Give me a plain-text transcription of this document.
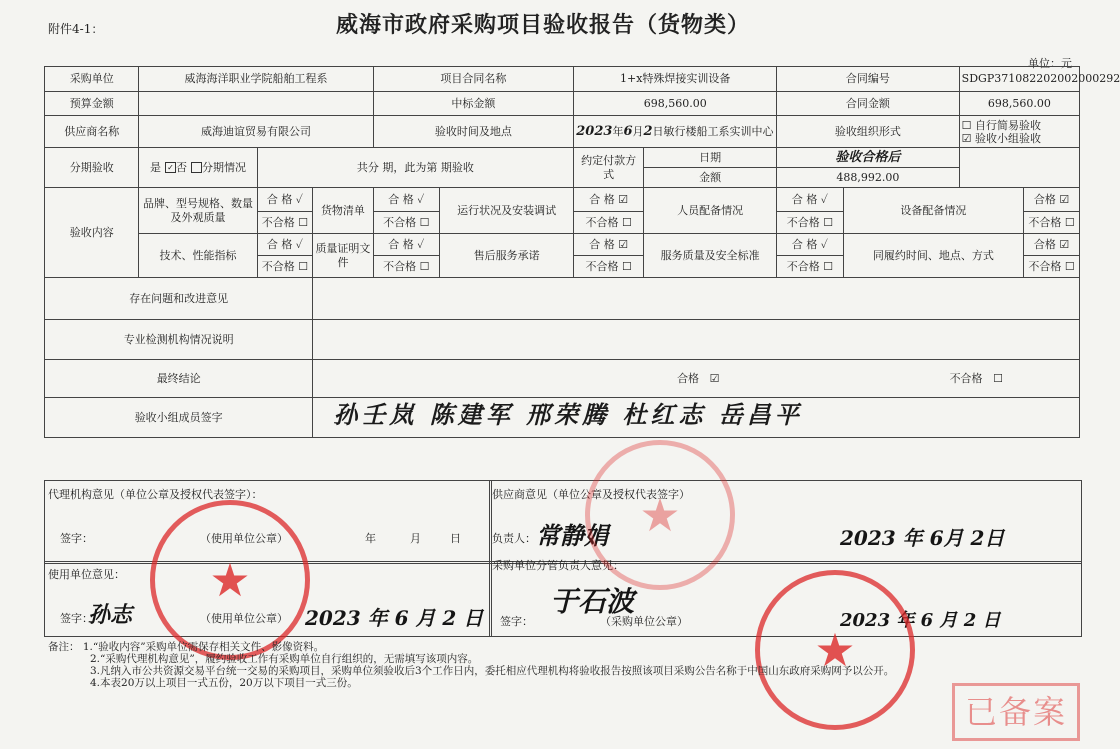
附件4-1：	威海市政府采购项目验收报告（货物类）
单位：元
采购单位	威海海洋职业学院船舶工程系			项目合同名称		1+x特殊焊接实训设备		合同编号		SDGP371082202002000292	
预算金额				中标金额		698,560.00		合同金额		698,560.00	
供应商名称	威海迪谊贸易有限公司			验收时间及地点		2023年6月2日敏行楼船工系实训中心		验收组织形式		☐ 自行简易验收
☑ 验收小组验收	
分期验收	是 ✓ 否 分期情况	共分 期，此为第 期验收				约定付款方式	日期	验收合格后			
							金额	488,992.00			
验收内容	品牌、型号规格、数量及外观质量	合 格 ✓	货物清单	合 格 ✓	运行状况及安装调试	合 格 ☑	人员配备情况	合 格 ✓	设备配备情况		合格 ☑
		不合格 ☐		不合格 ☐		不合格 ☐		不合格 ☐			不合格 ☐
	技术、性能指标	合 格 ✓	质量证明文件	合 格 ✓	售后服务承诺	合 格 ☑	服务质量及安全标准	合 格 ✓	同履约时间、地点、方式		合格 ☑
		不合格 ☐		不合格 ☐		不合格 ☐		不合格 ☐			不合格 ☐
存在问题和改进意见											
专业检测机构情况说明											
最终结论			合格 ☑ 不合格 ☐								
验收小组成员签字			孙壬岚 陈建军 邢荣腾 杜红志 岳昌平								
代理机构意见（单位公章及授权代表签字）：
签字：	（使用单位公章）	年	月	日
供应商意见（单位公章及授权代表签字）
负责人： 常静娟	2023 年 6月 2日
使用单位意见：
签字：
孙志	（使用单位公章） 2023 年 6 月 2 日
采购单位分管负责人意见：
签字：
于石波
（采购单位公章）	2023 年 6 月 2 日
★
★
★
备注： 1.“验收内容”采购单位需保存相关文件、影像资料。
2.“采购代理机构意见”，履约验收工作有采购单位自行组织的，无需填写该项内容。
3.凡纳入市公共资源交易平台统一交易的采购项目，采购单位须验收后3个工作日内，委托相应代理机构将验收报告按照该项目采购公告名称于中国山东政府采购网予以公开。
4.本表20万以上项目一式五份，20万以下项目一式三份。
已备案
